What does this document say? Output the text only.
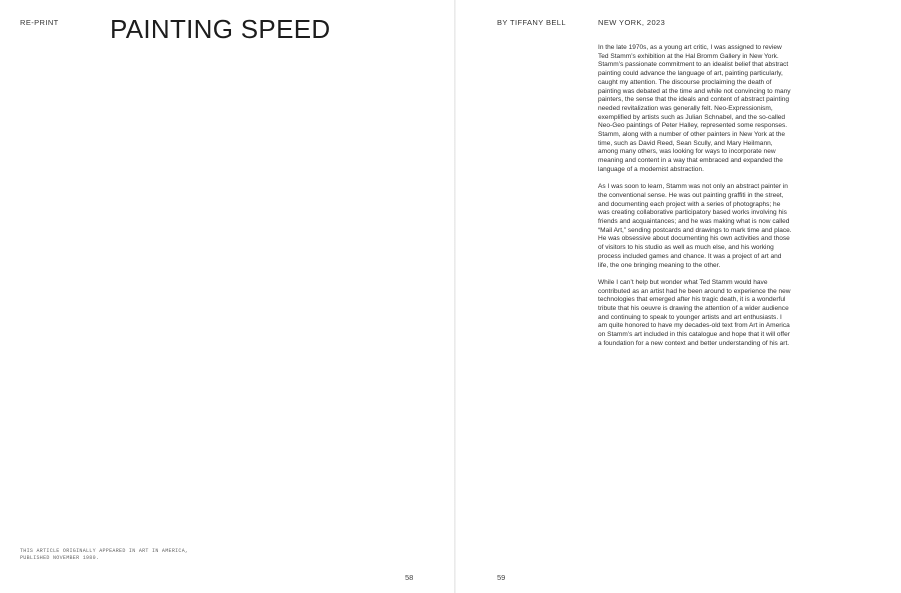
RE-PRINT PAINTING SPEED
THIS ARTICLE ORIGINALLY APPEARED IN ART IN AMERICA,
PUBLISHED NOVEMBER 1980.
58
BY TIFFANY BELL	NEW YORK, 2023

In the late 1970s, as a young art critic, I was assigned to review Ted Stamm’s exhibition at the Hal Bromm Gallery in New York. Stamm’s passionate commitment to an idealist belief that abstract painting could advance the language of art, painting particularly, caught my attention. The discourse proclaiming the death of painting was debated at the time and while not convincing to many painters, the sense that the ideals and content of abstract painting needed revitalization was generally felt. Neo-Expressionism, exemplified by artists such as Julian Schnabel, and the so-called Neo-Geo paintings of Peter Halley, represented some responses. Stamm, along with a number of other painters in New York at the time, such as David Reed, Sean Scully, and Mary Heilmann, among many others, was looking for ways to incorporate new meaning and content in a way that embraced and expanded the language of a modernist abstraction.

As I was soon to learn, Stamm was not only an abstract painter in the conventional sense. He was out painting graffiti in the street, and documenting each project with a series of photographs; he was creating collaborative participatory based works involving his friends and acquaintances; and he was making what is now called “Mail Art,” sending postcards and drawings to mark time and place. He was obsessive about documenting his own activities and those of visitors to his studio as well as much else, and his working process included games and chance. It was a project of art and life, the one bringing meaning to the other.

While I can’t help but wonder what Ted Stamm would have contributed as an artist had he been around to experience the new technologies that emerged after his tragic death, it is a wonderful tribute that his oeuvre is drawing the attention of a wider audience and continuing to speak to younger artists and art enthusiasts. I am quite honored to have my decades-old text from Art in America on Stamm’s art included in this catalogue and hope that it will offer a foundation for a new context and better understanding of his art.

59
